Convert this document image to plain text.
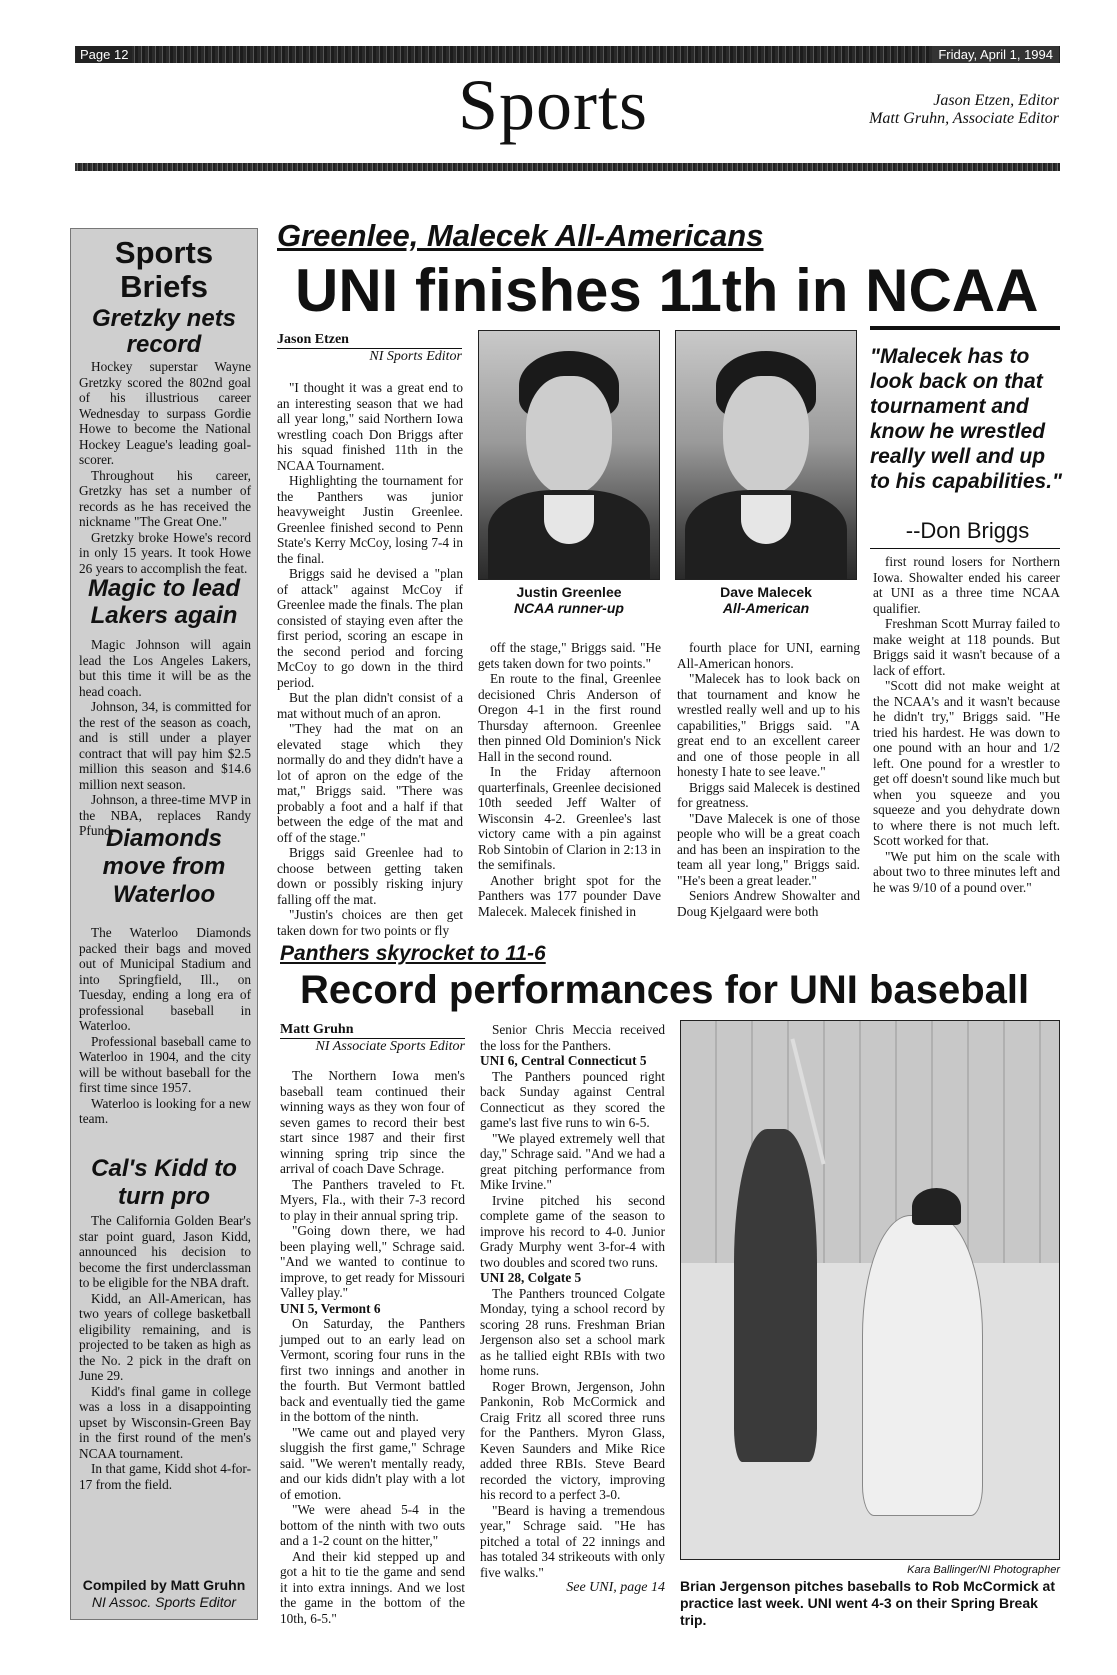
Page 12	Friday, April 1, 1994
Sports	Jason Etzen, Editor
Matt Gruhn, Associate Editor
Sports
Briefs
Gretzky nets
record

Hockey superstar Wayne Gretzky scored the 802nd goal of his illustrious career Wednesday to surpass Gordie Howe to become the National Hockey League's leading goal-scorer.

Throughout his career, Gretzky has set a number of records as he has received the nickname "The Great One."

Gretzky broke Howe's record in only 15 years. It took Howe 26 years to accomplish the feat.

Magic to lead
Lakers again

Magic Johnson will again lead the Los Angeles Lakers, but this time it will be as the head coach.

Johnson, 34, is committed for the rest of the season as coach, and is still under a player contract that will pay him $2.5 million this season and $14.6 million next season.

Johnson, a three-time MVP in the NBA, replaces Randy Pfund.

Diamonds
move from
Waterloo

The Waterloo Diamonds packed their bags and moved out of Municipal Stadium and into Springfield, Ill., on Tuesday, ending a long era of professional baseball in Waterloo.

Professional baseball came to Waterloo in 1904, and the city will be without baseball for the first time since 1957.

Waterloo is looking for a new team.

Cal's Kidd to
turn pro

The California Golden Bear's star point guard, Jason Kidd, announced his decision to become the first underclassman to be eligible for the NBA draft.

Kidd, an All-American, has two years of college basketball eligibility remaining, and is projected to be taken as high as the No. 2 pick in the draft on June 29.

Kidd's final game in college was a loss in a disappointing upset by Wisconsin-Green Bay in the first round of the men's NCAA tournament.

In that game, Kidd shot 4-for-17 from the field.

Compiled by Matt Gruhn
NI Assoc. Sports Editor
Greenlee, Malecek All-Americans
UNI finishes 11th in NCAA
Jason Etzen
NI Sports Editor

"I thought it was a great end to an interesting season that we had all year long," said Northern Iowa wrestling coach Don Briggs after his squad finished 11th in the NCAA Tournament.

Highlighting the tournament for the Panthers was junior heavyweight Justin Greenlee. Greenlee finished second to Penn State's Kerry McCoy, losing 7-4 in the final.

Briggs said he devised a "plan of attack" against McCoy if Greenlee made the finals. The plan consisted of staying even after the first period, scoring an escape in the second period and forcing McCoy to go down in the third period.

But the plan didn't consist of a mat without much of an apron.

"They had the mat on an elevated stage which they normally do and they didn't have a lot of apron on the edge of the mat," Briggs said. "There was probably a foot and a half if that between the edge of the mat and off of the stage."

Briggs said Greenlee had to choose between getting taken down or possibly risking injury falling off the mat.

"Justin's choices are then get taken down for two points or fly

Justin Greenlee
NCAA runner-up
Dave Malecek
All-American

off the stage," Briggs said. "He gets taken down for two points."

En route to the final, Greenlee decisioned Chris Anderson of Oregon 4-1 in the first round Thursday afternoon. Greenlee then pinned Old Dominion's Nick Hall in the second round.

In the Friday afternoon quarterfinals, Greenlee decisioned 10th seeded Jeff Walter of Wisconsin 4-2. Greenlee's last victory came with a pin against Rob Sintobin of Clarion in 2:13 in the semifinals.

Another bright spot for the Panthers was 177 pounder Dave Malecek. Malecek finished in

fourth place for UNI, earning All-American honors.

"Malecek has to look back on that tournament and know he wrestled really well and up to his capabilities," Briggs said. "A great end to an excellent career and one of those people in all honesty I hate to see leave."

Briggs said Malecek is destined for greatness.

"Dave Malecek is one of those people who will be a great coach and has been an inspiration to the team all year long," Briggs said. "He's been a great leader."

Seniors Andrew Showalter and Doug Kjelgaard were both

"Malecek has to look back on that tournament and know he wrestled really well and up to his capabilities."
--Don Briggs

first round losers for Northern Iowa. Showalter ended his career at UNI as a three time NCAA qualifier.

Freshman Scott Murray failed to make weight at 118 pounds. But Briggs said it wasn't because of a lack of effort.

"Scott did not make weight at the NCAA's and it wasn't because he didn't try," Briggs said. "He tried his hardest. He was down to one pound with an hour and 1/2 left. One pound for a wrestler to get off doesn't sound like much but when you squeeze and you squeeze and you dehydrate down to where there is not much left. Scott worked for that.

"We put him on the scale with about two to three minutes left and he was 9/10 of a pound over."

Panthers skyrocket to 11-6
Record performances for UNI baseball
Matt Gruhn
NI Associate Sports Editor

The Northern Iowa men's baseball team continued their winning ways as they won four of seven games to record their best start since 1987 and their first winning spring trip since the arrival of coach Dave Schrage.

The Panthers traveled to Ft. Myers, Fla., with their 7-3 record to play in their annual spring trip.

"Going down there, we had been playing well," Schrage said. "And we wanted to continue to improve, to get ready for Missouri Valley play."

UNI 5, Vermont 6

On Saturday, the Panthers jumped out to an early lead on Vermont, scoring four runs in the first two innings and another in the fourth. But Vermont battled back and eventually tied the game in the bottom of the ninth.

"We came out and played very sluggish the first game," Schrage said. "We weren't mentally ready, and our kids didn't play with a lot of emotion.

"We were ahead 5-4 in the bottom of the ninth with two outs and a 1-2 count on the hitter,"

And their kid stepped up and got a hit to tie the game and send it into extra innings. And we lost the game in the bottom of the 10th, 6-5."

Senior Chris Meccia received the loss for the Panthers.

UNI 6, Central Connecticut 5

The Panthers pounced right back Sunday against Central Connecticut as they scored the game's last five runs to win 6-5.

"We played extremely well that day," Schrage said. "And we had a great pitching performance from Mike Irvine."

Irvine pitched his second complete game of the season to improve his record to 4-0. Junior Grady Murphy went 3-for-4 with two doubles and scored two runs.

UNI 28, Colgate 5

The Panthers trounced Colgate Monday, tying a school record by scoring 28 runs. Freshman Brian Jergenson also set a school mark as he tallied eight RBIs with two home runs.

Roger Brown, Jergenson, John Pankonin, Rob McCormick and Craig Fritz all scored three runs for the Panthers. Myron Glass, Keven Saunders and Mike Rice added three RBIs. Steve Beard recorded the victory, improving his record to a perfect 3-0.

"Beard is having a tremendous year," Schrage said. "He has pitched a total of 22 innings and has totaled 34 strikeouts with only five walks."

See UNI, page 14

Kara Ballinger/NI Photographer
Brian Jergenson pitches baseballs to Rob McCormick at practice last week. UNI went 4-3 on their Spring Break trip.
